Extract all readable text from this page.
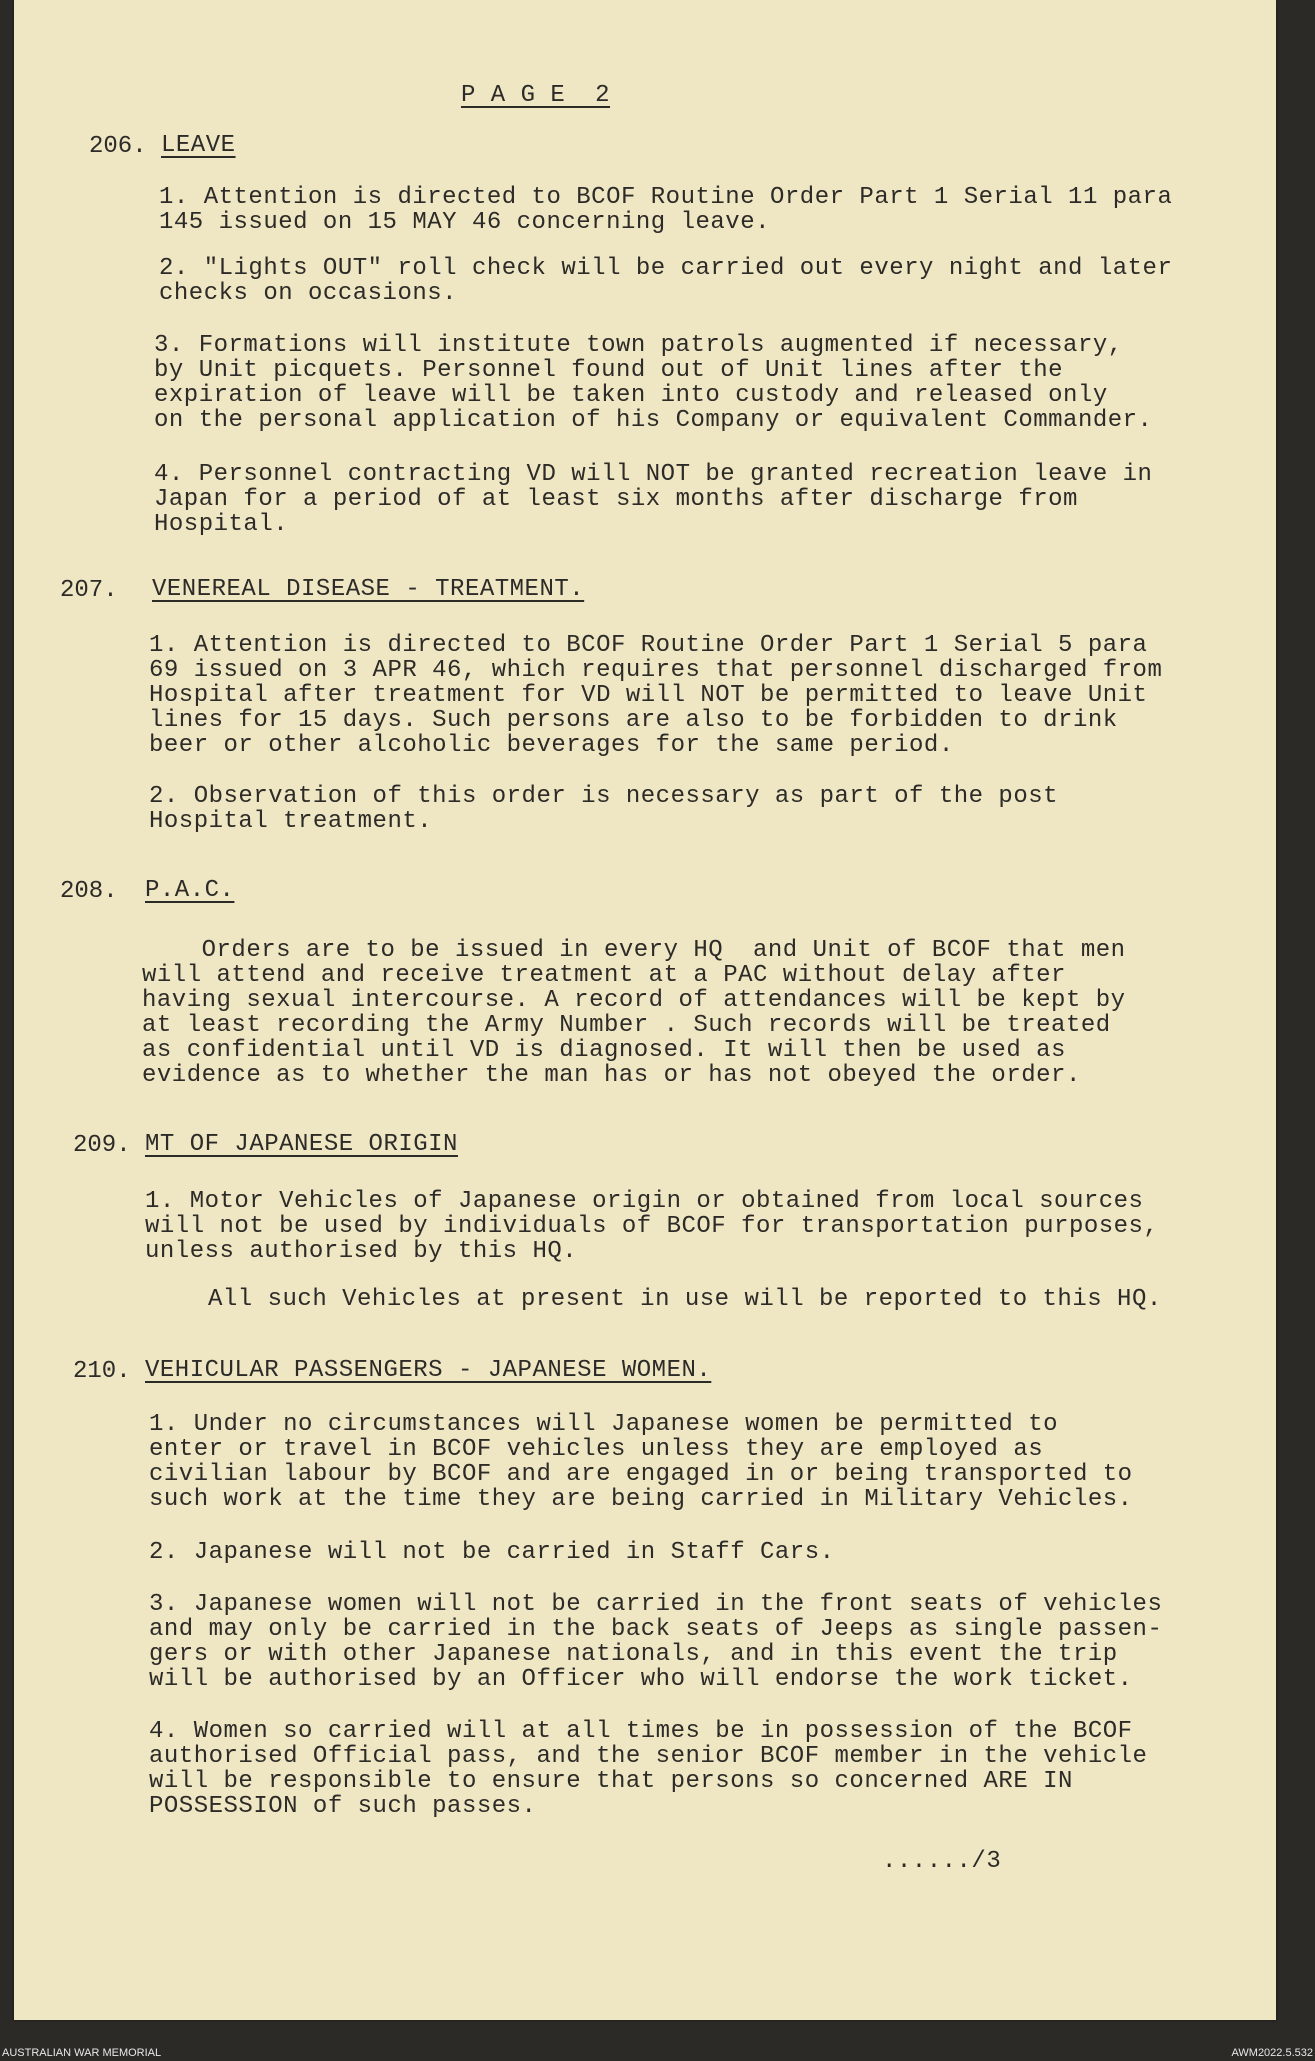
P A G E  2
206. LEAVE
1. Attention is directed to BCOF Routine Order Part 1 Serial 11 para
145 issued on 15 MAY 46 concerning leave.
2. "Lights OUT" roll check will be carried out every night and later
checks on occasions.
3. Formations will institute town patrols augmented if necessary,
by Unit picquets. Personnel found out of Unit lines after the
expiration of leave will be taken into custody and released only
on the personal application of his Company or equivalent Commander.
4. Personnel contracting VD will NOT be granted recreation leave in
Japan for a period of at least six months after discharge from
Hospital.
207. VENEREAL DISEASE - TREATMENT.
1. Attention is directed to BCOF Routine Order Part 1 Serial 5 para
69 issued on 3 APR 46, which requires that personnel discharged from
Hospital after treatment for VD will NOT be permitted to leave Unit
lines for 15 days. Such persons are also to be forbidden to drink
beer or other alcoholic beverages for the same period.
2. Observation of this order is necessary as part of the post
Hospital treatment.
208. P.A.C.
Orders are to be issued in every HQ  and Unit of BCOF that men
will attend and receive treatment at a PAC without delay after
having sexual intercourse. A record of attendances will be kept by
at least recording the Army Number . Such records will be treated
as confidential until VD is diagnosed. It will then be used as
evidence as to whether the man has or has not obeyed the order.
209. MT OF JAPANESE ORIGIN
1. Motor Vehicles of Japanese origin or obtained from local sources
will not be used by individuals of BCOF for transportation purposes,
unless authorised by this HQ.
All such Vehicles at present in use will be reported to this HQ.
210. VEHICULAR PASSENGERS - JAPANESE WOMEN.
1. Under no circumstances will Japanese women be permitted to
enter or travel in BCOF vehicles unless they are employed as
civilian labour by BCOF and are engaged in or being transported to
such work at the time they are being carried in Military Vehicles.
2. Japanese will not be carried in Staff Cars.
3. Japanese women will not be carried in the front seats of vehicles
and may only be carried in the back seats of Jeeps as single passen-
gers or with other Japanese nationals, and in this event the trip
will be authorised by an Officer who will endorse the work ticket.
4. Women so carried will at all times be in possession of the BCOF
authorised Official pass, and the senior BCOF member in the vehicle
will be responsible to ensure that persons so concerned ARE IN
POSSESSION of such passes.
....../3
AUSTRALIAN WAR MEMORIAL	AWM2022.5.532
